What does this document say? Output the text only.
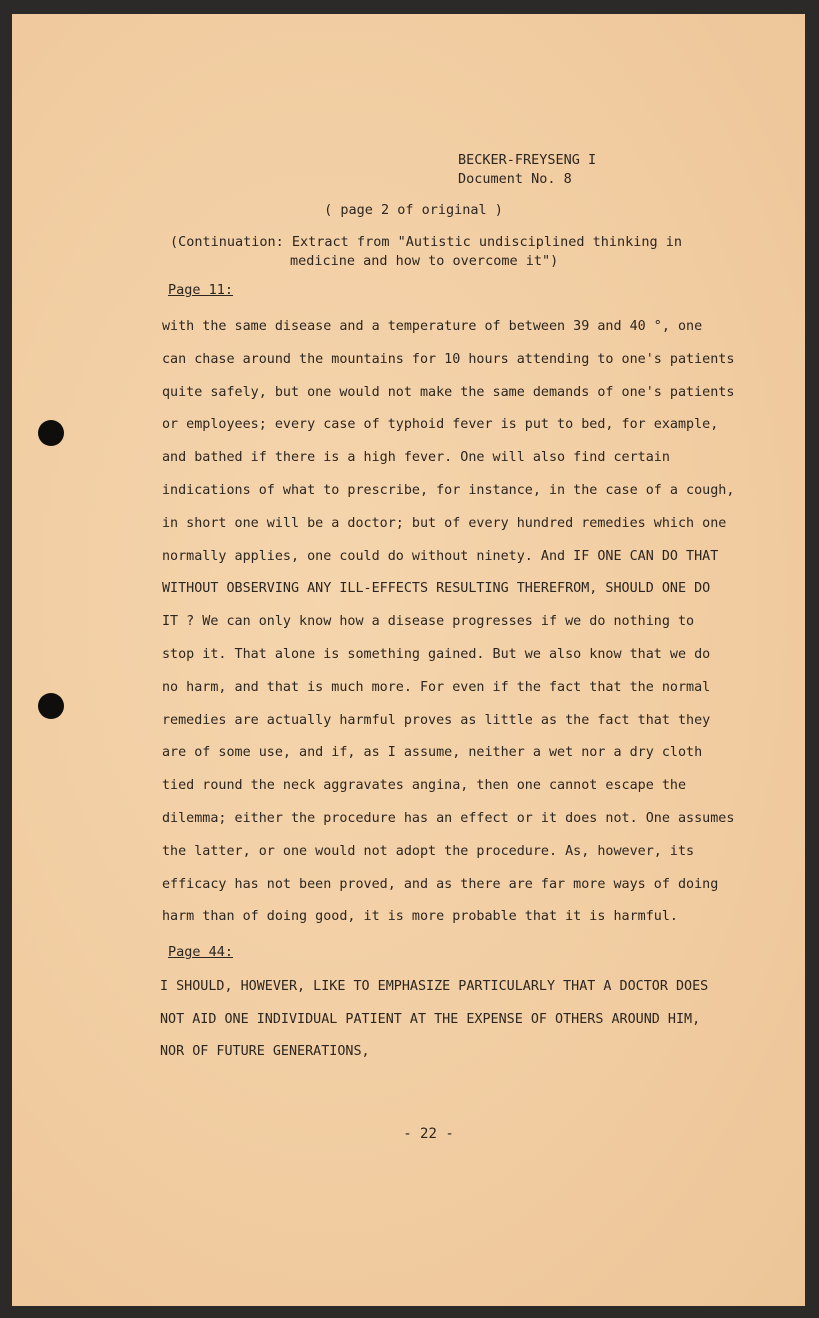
BECKER-FREYSENG I
Document No. 8
( page 2 of original )
(Continuation: Extract from "Autistic undisciplined thinking in
medicine and how to overcome it")
Page 11:
with the same disease and a temperature of between 39 and 40 °, one
can chase around the mountains for 10 hours attending to one's patients
quite safely, but one would not make the same demands of one's patients
or employees; every case of typhoid fever is put to bed, for example,
and bathed if there is a high fever. One will also find certain
indications of what to prescribe, for instance, in the case of a cough,
in short one will be a doctor; but of every hundred remedies which one
normally applies, one could do without ninety. And IF ONE CAN DO THAT
WITHOUT OBSERVING ANY ILL-EFFECTS RESULTING THEREFROM, SHOULD ONE DO
IT ? We can only know how a disease progresses if we do nothing to
stop it. That alone is something gained. But we also know that we do
no harm, and that is much more. For even if the fact that the normal
remedies are actually harmful proves as little as the fact that they
are of some use, and if, as I assume, neither a wet nor a dry cloth
tied round the neck aggravates angina, then one cannot escape the
dilemma; either the procedure has an effect or it does not. One assumes
the latter, or one would not adopt the procedure. As, however, its
efficacy has not been proved, and as there are far more ways of doing
harm than of doing good, it is more probable that it is harmful.
Page 44:
I SHOULD, HOWEVER, LIKE TO EMPHASIZE PARTICULARLY THAT A DOCTOR DOES
NOT AID ONE INDIVIDUAL PATIENT AT THE EXPENSE OF OTHERS AROUND HIM,
NOR OF FUTURE GENERATIONS,
- 22 -
